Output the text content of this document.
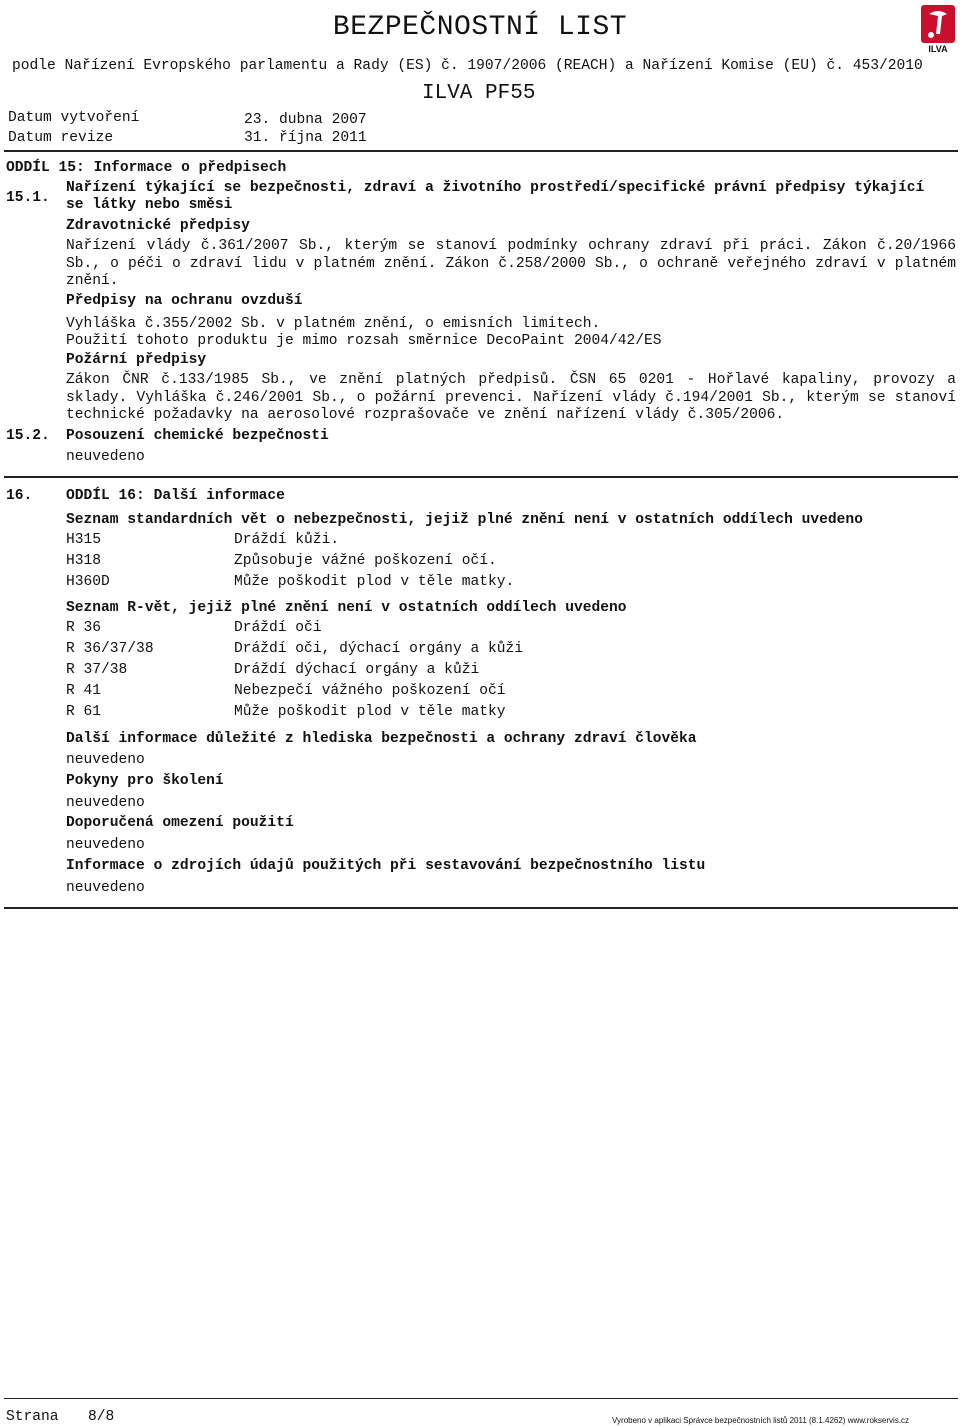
BEZPEČNOSTNÍ LIST
ILVA
podle Nařízení Evropského parlamentu a Rady (ES) č. 1907/2006 (REACH) a Nařízení Komise (EU) č. 453/2010
Datum vytvoření	23. dubna 2007
Datum revize	31. října 2011
ILVA PF55
ODDÍL 15: Informace o předpisech
15.1.
Nařízení týkající se bezpečnosti, zdraví a životního prostředí/specifické právní předpisy týkající
se látky nebo směsi
Zdravotnické předpisy
Nařízení vlády č.361/2007 Sb., kterým se stanoví podmínky ochrany zdraví při práci. Zákon č.20/1966 Sb., o péči o zdraví lidu v platném znění. Zákon č.258/2000 Sb., o ochraně veřejného zdraví v platném znění.
Předpisy na ochranu ovzduší
Vyhláška č.355/2002 Sb. v platném znění, o emisních limitech.
Použití tohoto produktu je mimo rozsah směrnice DecoPaint 2004/42/ES
Požární předpisy
Zákon ČNR č.133/1985 Sb., ve znění platných předpisů. ČSN 65 0201 - Hořlavé kapaliny, provozy a sklady. Vyhláška č.246/2001 Sb., o požární prevenci. Nařízení vlády č.194/2001 Sb., kterým se stanoví technické požadavky na aerosolové rozprašovače ve znění nařízení vlády č.305/2006.
15.2. Posouzení chemické bezpečnosti
neuvedeno
16. ODDÍL 16: Další informace
Seznam standardních vět o nebezpečnosti, jejiž plné znění není v ostatních oddílech uvedeno
H315	Dráždí kůži.
H318	Způsobuje vážné poškození očí.
H360D	Může poškodit plod v těle matky.
Seznam R-vět, jejiž plné znění není v ostatních oddílech uvedeno
R 36	Dráždí oči
R 36/37/38	Dráždí oči, dýchací orgány a kůži
R 37/38	Dráždí dýchací orgány a kůži
R 41	Nebezpečí vážného poškození očí
R 61	Může poškodit plod v těle matky
Další informace důležité z hlediska bezpečnosti a ochrany zdraví člověka
neuvedeno
Pokyny pro školení
neuvedeno
Doporučená omezení použití
neuvedeno
Informace o zdrojích údajů použitých při sestavování bezpečnostního listu
neuvedeno
Strana 8/8	Vyrobeno v aplikaci Správce bezpečnostních listů 2011 (8.1.4262) www.rokservis.cz
